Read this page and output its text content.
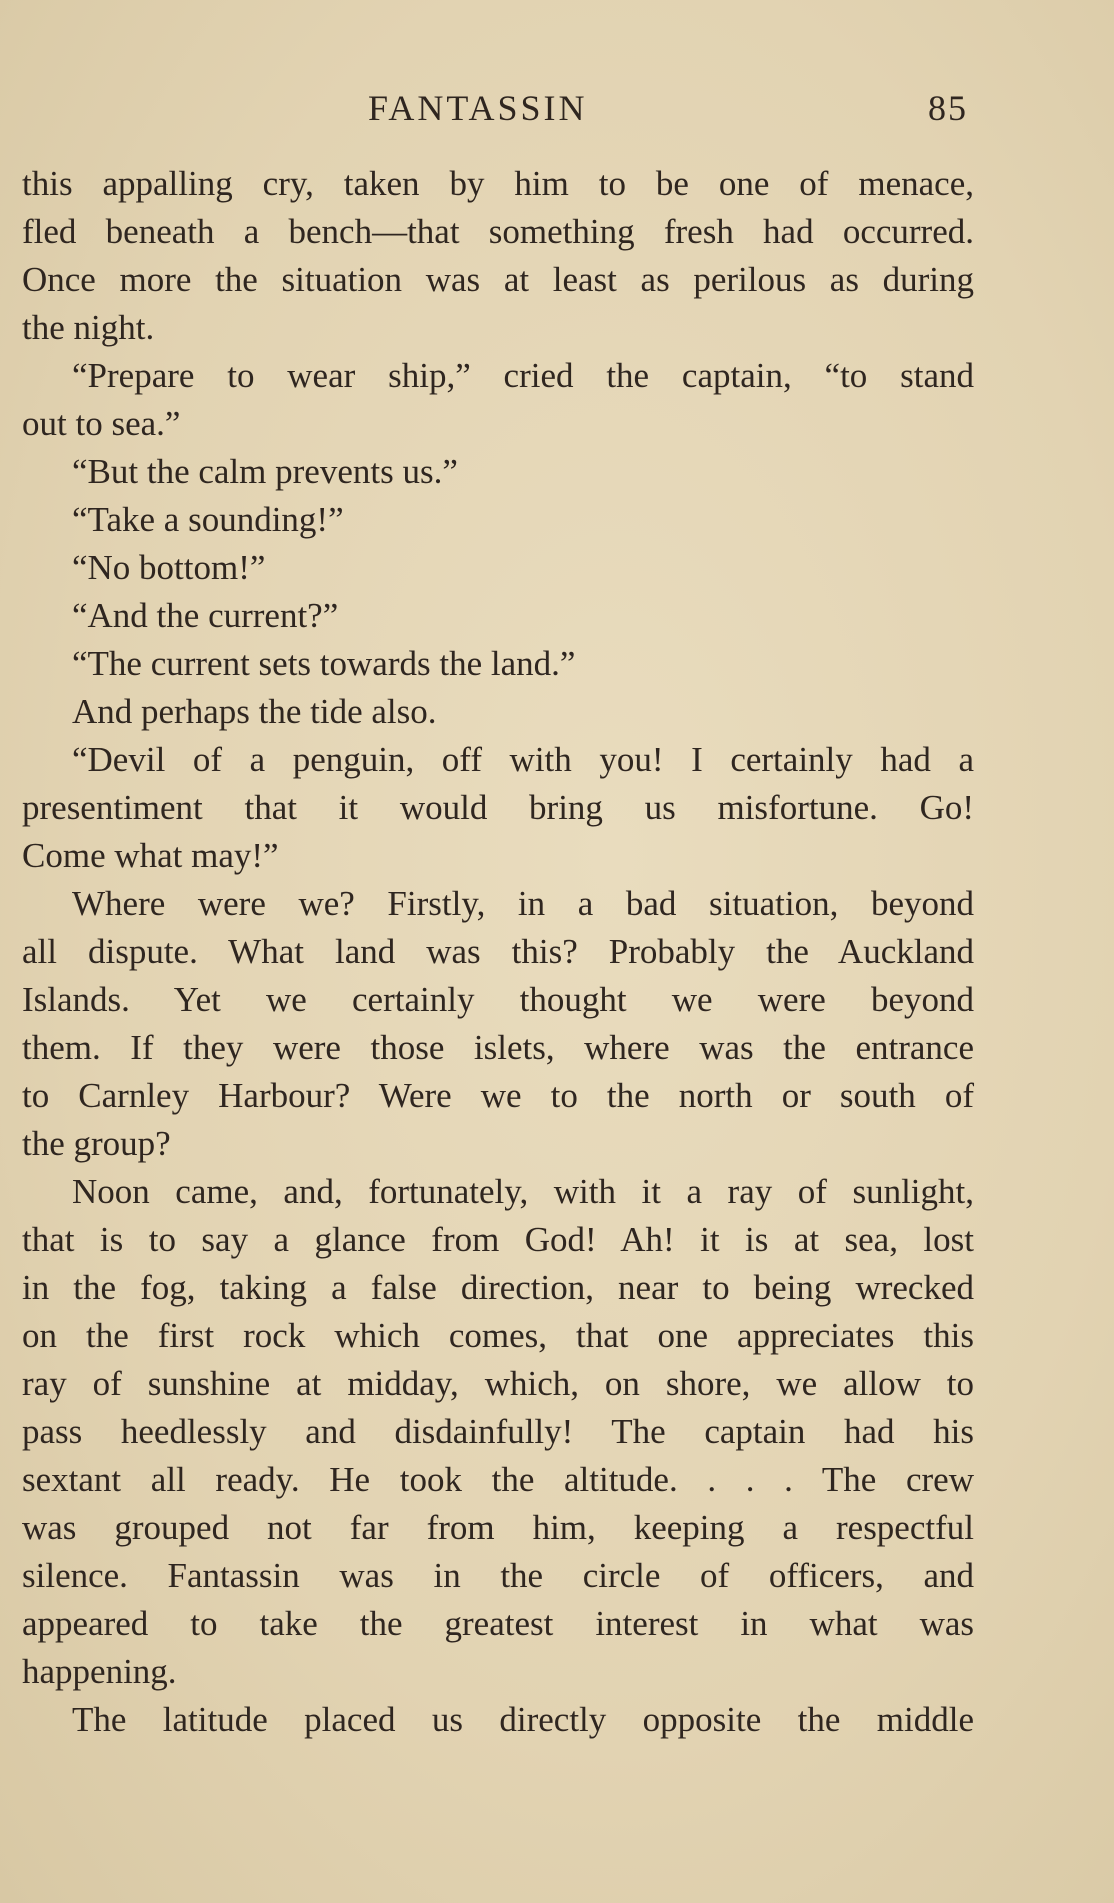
FANTASSIN	85
this appalling cry, taken by him to be one of menace,
fled beneath a bench—that something fresh had occurred.
Once more the situation was at least as perilous as during
the night.
“Prepare to wear ship,” cried the captain, “to stand
out to sea.”
“But the calm prevents us.”
“Take a sounding!”
“No bottom!”
“And the current?”
“The current sets towards the land.”
And perhaps the tide also.
“Devil of a penguin, off with you! I certainly had a
presentiment that it would bring us misfortune. Go!
Come what may!”
Where were we? Firstly, in a bad situation, beyond
all dispute. What land was this? Probably the Auckland
Islands. Yet we certainly thought we were beyond
them. If they were those islets, where was the entrance
to Carnley Harbour? Were we to the north or south of
the group?
Noon came, and, fortunately, with it a ray of sunlight,
that is to say a glance from God! Ah! it is at sea, lost
in the fog, taking a false direction, near to being wrecked
on the first rock which comes, that one appreciates this
ray of sunshine at midday, which, on shore, we allow to
pass heedlessly and disdainfully! The captain had his
sextant all ready. He took the altitude. . . . The crew
was grouped not far from him, keeping a respectful
silence. Fantassin was in the circle of officers, and
appeared to take the greatest interest in what was
happening.
The latitude placed us directly opposite the middle
